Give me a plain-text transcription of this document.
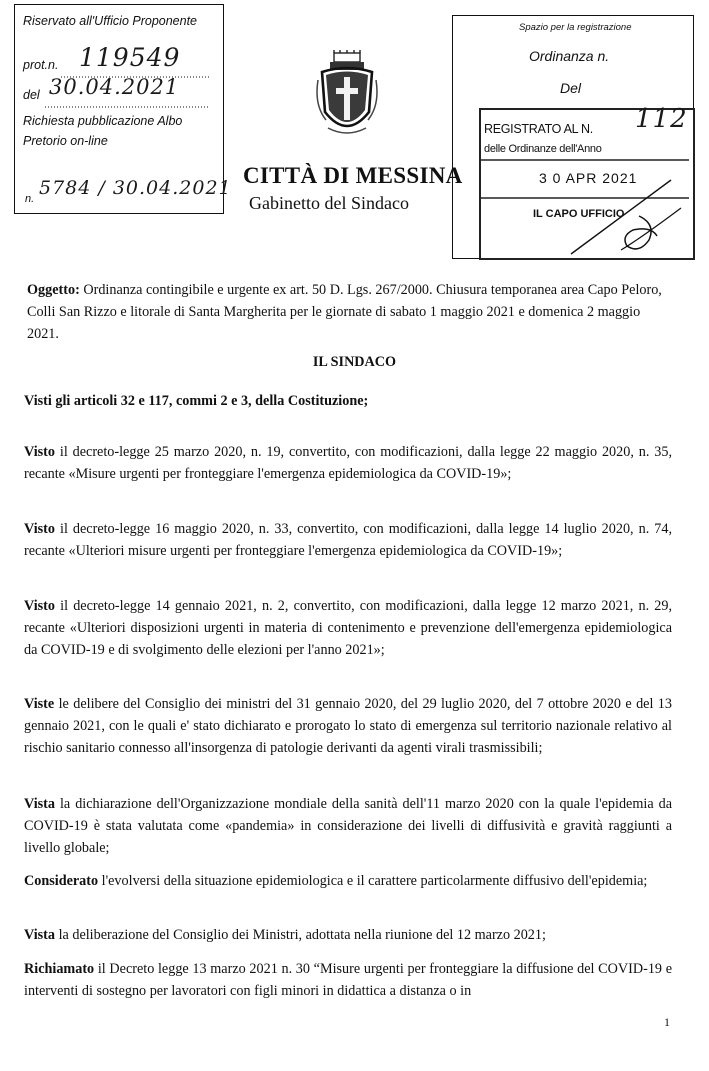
Riservato all'Ufficio Proponente
prot.n. 119549
del 30.04.2021
Richiesta pubblicazione Albo
Pretorio on-line
n. 5784 / 30.04.2021 CITTÀ DI MESSINA
Gabinetto del Sindaco
Spazio per la registrazione
Ordinanza n.
Del
REGISTRATO AL N.	112
delle Ordinanze dell'Anno
3 0 APR 2021
IL CAPO UFFICIO
Oggetto: Ordinanza contingibile e urgente ex art. 50 D. Lgs. 267/2000. Chiusura temporanea area Capo Peloro, Colli San Rizzo e litorale di Santa Margherita per le giornate di sabato 1 maggio 2021 e domenica 2 maggio 2021.
IL SINDACO
Visti gli articoli 32 e 117, commi 2 e 3, della Costituzione;
Visto il decreto-legge 25 marzo 2020, n. 19, convertito, con modificazioni, dalla legge 22 maggio 2020, n. 35, recante «Misure urgenti per fronteggiare l'emergenza epidemiologica da COVID-19»;
Visto il decreto-legge 16 maggio 2020, n. 33, convertito, con modificazioni, dalla legge 14 luglio 2020, n. 74, recante «Ulteriori misure urgenti per fronteggiare l'emergenza epidemiologica da COVID-19»;
Visto il decreto-legge 14 gennaio 2021, n. 2, convertito, con modificazioni, dalla legge 12 marzo 2021, n. 29, recante «Ulteriori disposizioni urgenti in materia di contenimento e prevenzione dell'emergenza epidemiologica da COVID-19 e di svolgimento delle elezioni per l'anno 2021»;
Viste le delibere del Consiglio dei ministri del 31 gennaio 2020, del 29 luglio 2020, del 7 ottobre 2020 e del 13 gennaio 2021, con le quali e' stato dichiarato e prorogato lo stato di emergenza sul territorio nazionale relativo al rischio sanitario connesso all'insorgenza di patologie derivanti da agenti virali trasmissibili;
Vista la dichiarazione dell'Organizzazione mondiale della sanità dell'11 marzo 2020 con la quale l'epidemia da COVID-19 è stata valutata come «pandemia» in considerazione dei livelli di diffusività e gravità raggiunti a livello globale;
Considerato l'evolversi della situazione epidemiologica e il carattere particolarmente diffusivo dell'epidemia;
Vista la deliberazione del Consiglio dei Ministri, adottata nella riunione del 12 marzo 2021;
Richiamato il Decreto legge 13 marzo 2021 n. 30 “Misure urgenti per fronteggiare la diffusione del COVID-19 e interventi di sostegno per lavoratori con figli minori in didattica a distanza o in
1
